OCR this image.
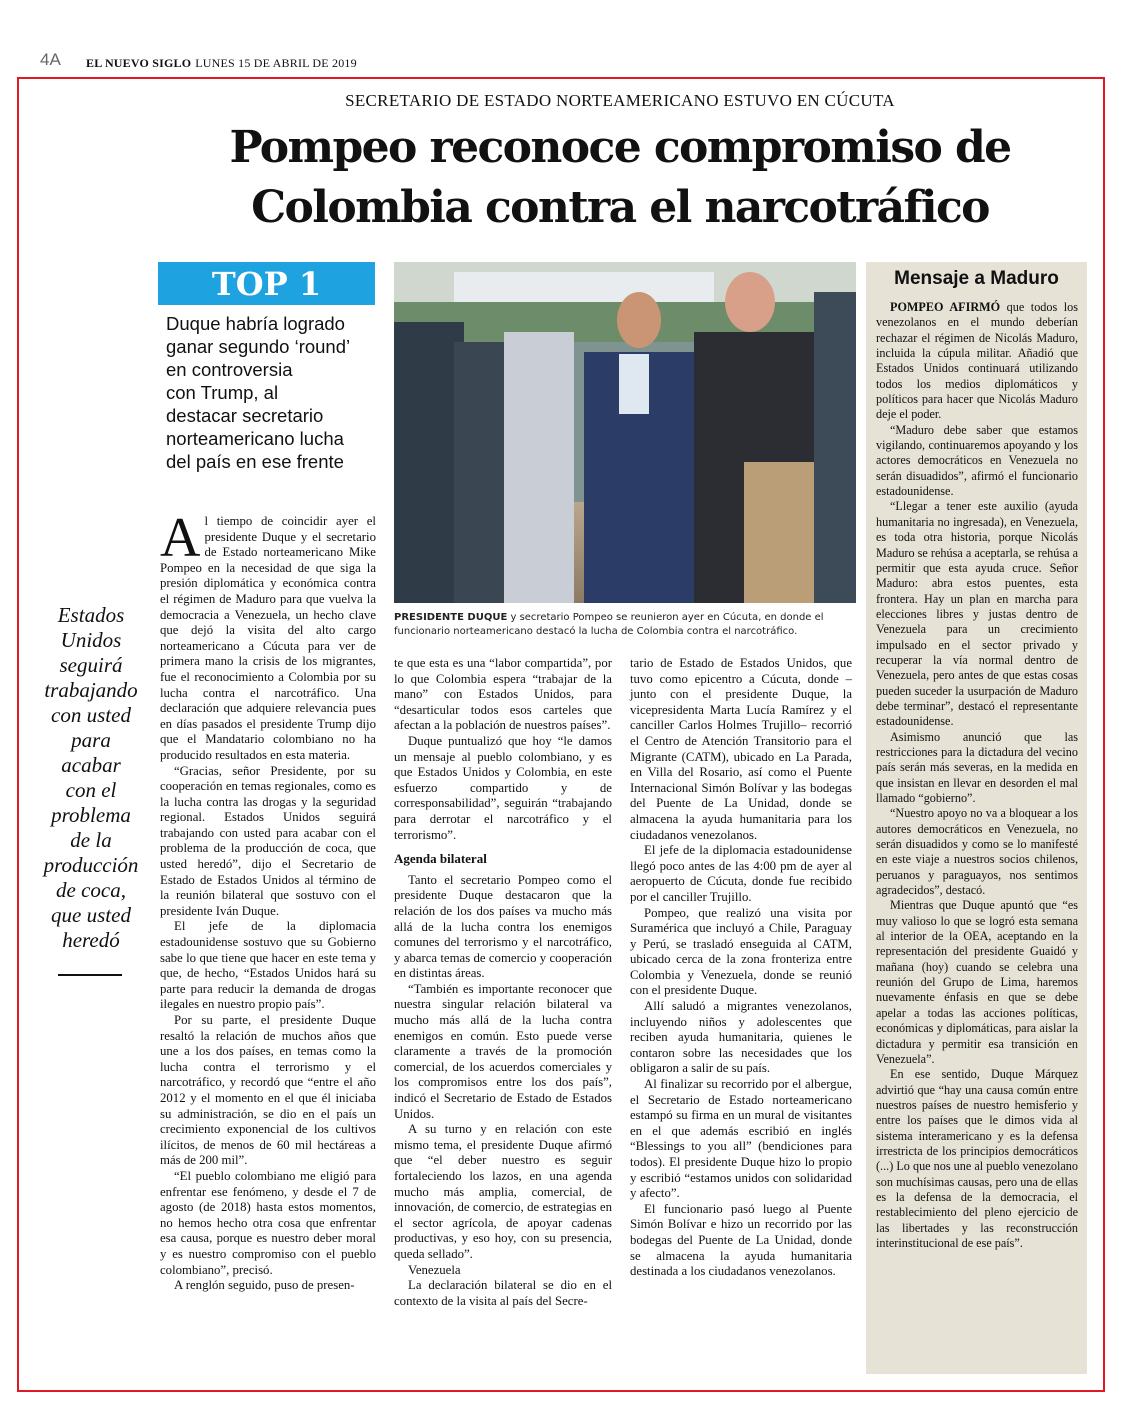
4A EL NUEVO SIGLO LUNES 15 DE ABRIL DE 2019
SECRETARIO DE ESTADO NORTEAMERICANO ESTUVO EN CÚCUTA
Pompeo reconoce compromiso de
Colombia contra el narcotráfico
TOP 1
Duque habría logrado
ganar segundo ‘round’
en controversia
con Trump, al
destacar secretario
norteamericano lucha
del país en ese frente
PRESIDENTE DUQUE y secretario Pompeo se reunieron ayer en Cúcuta, en donde el funcionario norteamericano destacó la lucha de Colombia contra el narcotráfico.
Estados
Unidos
seguirá
trabajando
con usted
para
acabar
con el
problema
de la
producción
de coca,
que usted
heredó

Al tiempo de coincidir ayer el presidente Duque y el secretario de Estado norteamericano Mike Pompeo en la necesidad de que siga la presión diplomática y económica contra el régimen de Maduro para que vuelva la democracia a Venezuela, un hecho clave que dejó la visita del alto cargo norteamericano a Cúcuta para ver de primera mano la crisis de los migrantes, fue el reconocimiento a Colombia por su lucha contra el narcotráfico. Una declaración que adquiere relevancia pues en días pasados el presidente Trump dijo que el Mandatario colombiano no ha producido resultados en esta materia.

“Gracias, señor Presidente, por su cooperación en temas regionales, como es la lucha contra las drogas y la seguridad regional. Estados Unidos seguirá trabajando con usted para acabar con el problema de la producción de coca, que usted heredó”, dijo el Secretario de Estado de Estados Unidos al término de la reunión bilateral que sostuvo con el presidente Iván Duque.

El jefe de la diplomacia estadounidense sostuvo que su Gobierno sabe lo que tiene que hacer en este tema y que, de hecho, “Estados Unidos hará su parte para reducir la demanda de drogas ilegales en nuestro propio país”.

Por su parte, el presidente Duque resaltó la relación de muchos años que une a los dos países, en temas como la lucha contra el terrorismo y el narcotráfico, y recordó que “entre el año 2012 y el momento en el que él iniciaba su administración, se dio en el país un crecimiento exponencial de los cultivos ilícitos, de menos de 60 mil hectáreas a más de 200 mil”.

“El pueblo colombiano me eligió para enfrentar ese fenómeno, y desde el 7 de agosto (de 2018) hasta estos momentos, no hemos hecho otra cosa que enfrentar esa causa, porque es nuestro deber moral y es nuestro compromiso con el pueblo colombiano”, precisó.

A renglón seguido, puso de presen-

te que esta es una “labor compartida”, por lo que Colombia espera “trabajar de la mano” con Estados Unidos, para “desarticular todos esos carteles que afectan a la población de nuestros países”.

Duque puntualizó que hoy “le damos un mensaje al pueblo colombiano, y es que Estados Unidos y Colombia, en este esfuerzo compartido y de corresponsabilidad”, seguirán “trabajando para derrotar el narcotráfico y el terrorismo”.

Agenda bilateral

Tanto el secretario Pompeo como el presidente Duque destacaron que la relación de los dos países va mucho más allá de la lucha contra los enemigos comunes del terrorismo y el narcotráfico, y abarca temas de comercio y cooperación en distintas áreas.

“También es importante reconocer que nuestra singular relación bilateral va mucho más allá de la lucha contra enemigos en común. Esto puede verse claramente a través de la promoción comercial, de los acuerdos comerciales y los compromisos entre los dos país”, indicó el Secretario de Estado de Estados Unidos.

A su turno y en relación con este mismo tema, el presidente Duque afirmó que “el deber nuestro es seguir fortaleciendo los lazos, en una agenda mucho más amplia, comercial, de innovación, de comercio, de estrategias en el sector agrícola, de apoyar cadenas productivas, y eso hoy, con su presencia, queda sellado”.

Venezuela

La declaración bilateral se dio en el contexto de la visita al país del Secre-

tario de Estado de Estados Unidos, que tuvo como epicentro a Cúcuta, donde –junto con el presidente Duque, la vicepresidenta Marta Lucía Ramírez y el canciller Carlos Holmes Trujillo– recorrió el Centro de Atención Transitorio para el Migrante (CATM), ubicado en La Parada, en Villa del Rosario, así como el Puente Internacional Simón Bolívar y las bodegas del Puente de La Unidad, donde se almacena la ayuda humanitaria para los ciudadanos venezolanos.

El jefe de la diplomacia estadounidense llegó poco antes de las 4:00 pm de ayer al aeropuerto de Cúcuta, donde fue recibido por el canciller Trujillo.

Pompeo, que realizó una visita por Suramérica que incluyó a Chile, Paraguay y Perú, se trasladó enseguida al CATM, ubicado cerca de la zona fronteriza entre Colombia y Venezuela, donde se reunió con el presidente Duque.

Allí saludó a migrantes venezolanos, incluyendo niños y adolescentes que reciben ayuda humanitaria, quienes le contaron sobre las necesidades que los obligaron a salir de su país.

Al finalizar su recorrido por el albergue, el Secretario de Estado norteamericano estampó su firma en un mural de visitantes en el que además escribió en inglés “Blessings to you all” (bendiciones para todos). El presidente Duque hizo lo propio y escribió “estamos unidos con solidaridad y afecto”.

El funcionario pasó luego al Puente Simón Bolívar e hizo un recorrido por las bodegas del Puente de La Unidad, donde se almacena la ayuda humanitaria destinada a los ciudadanos venezolanos.

Mensaje a Maduro

POMPEO AFIRMÓ que todos los venezolanos en el mundo deberían rechazar el régimen de Nicolás Maduro, incluida la cúpula militar. Añadió que Estados Unidos continuará utilizando todos los medios diplomáticos y políticos para hacer que Nicolás Maduro deje el poder.

“Maduro debe saber que estamos vigilando, continuaremos apoyando y los actores democráticos en Venezuela no serán disuadidos”, afirmó el funcionario estadounidense.

“Llegar a tener este auxilio (ayuda humanitaria no ingresada), en Venezuela, es toda otra historia, porque Nicolás Maduro se rehúsa a aceptarla, se rehúsa a permitir que esta ayuda cruce. Señor Maduro: abra estos puentes, esta frontera. Hay un plan en marcha para elecciones libres y justas dentro de Venezuela para un crecimiento impulsado en el sector privado y recuperar la vía normal dentro de Venezuela, pero antes de que estas cosas pueden suceder la usurpación de Maduro debe terminar”, destacó el representante estadounidense.

Asimismo anunció que las restricciones para la dictadura del vecino país serán más severas, en la medida en que insistan en llevar en desorden el mal llamado “gobierno”.

“Nuestro apoyo no va a bloquear a los autores democráticos en Venezuela, no serán disuadidos y como se lo manifesté en este viaje a nuestros socios chilenos, peruanos y paraguayos, nos sentimos agradecidos”, destacó.

Mientras que Duque apuntó que “es muy valioso lo que se logró esta semana al interior de la OEA, aceptando en la representación del presidente Guaidó y mañana (hoy) cuando se celebra una reunión del Grupo de Lima, haremos nuevamente énfasis en que se debe apelar a todas las acciones políticas, económicas y diplomáticas, para aislar la dictadura y permitir esa transición en Venezuela”.

En ese sentido, Duque Márquez advirtió que “hay una causa común entre nuestros países de nuestro hemisferio y entre los países que le dimos vida al sistema interamericano y es la defensa irrestricta de los principios democráticos (...) Lo que nos une al pueblo venezolano son muchísimas causas, pero una de ellas es la defensa de la democracia, el restablecimiento del pleno ejercicio de las libertades y las reconstrucción interinstitucional de ese país”.
